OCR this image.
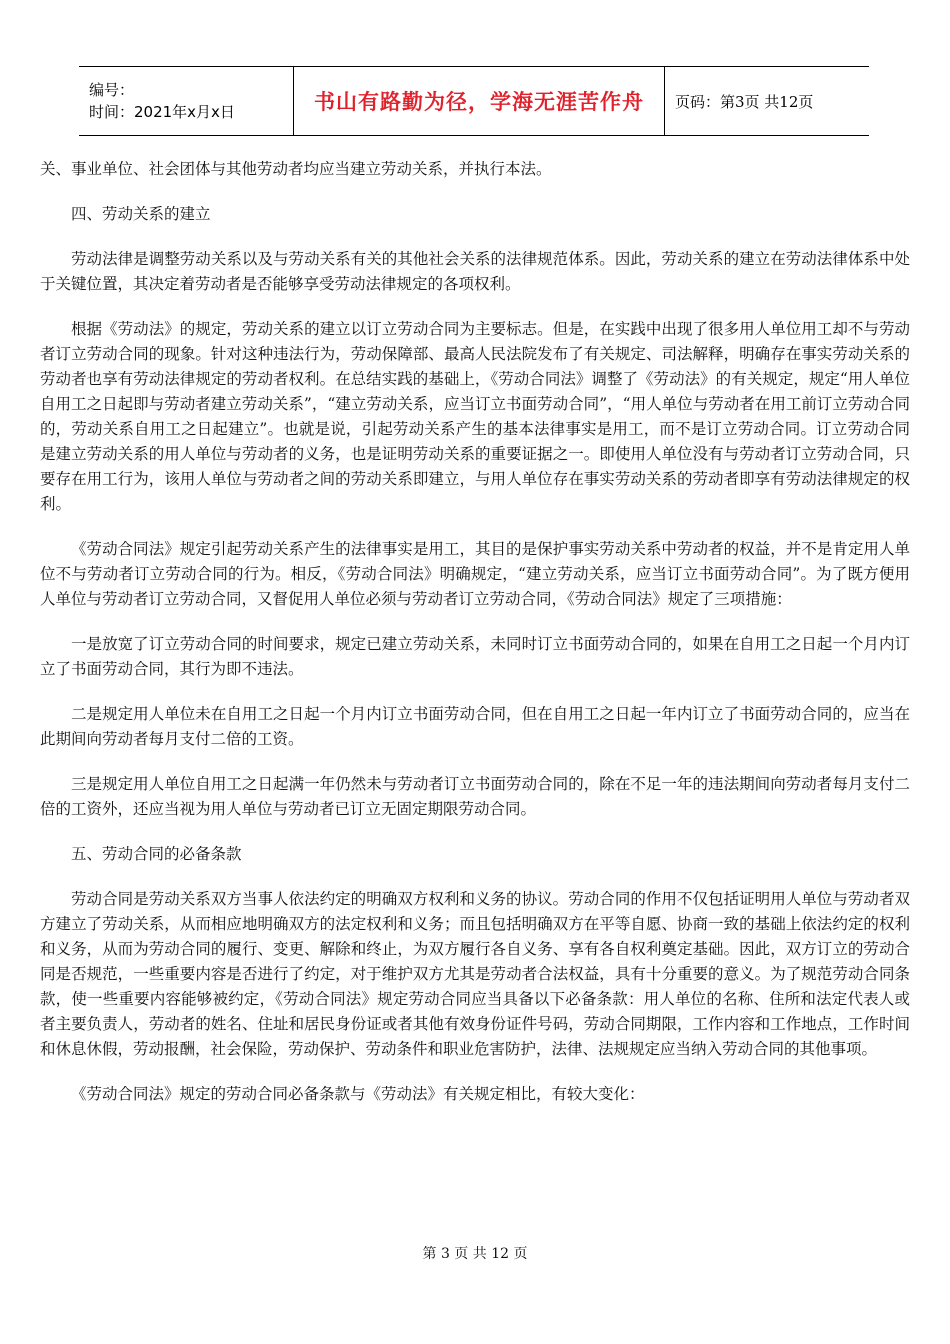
编号：
时间：2021年x月x日	书山有路勤为径，学海无涯苦作舟	页码：第3页 共12页

关、事业单位、社会团体与其他劳动者均应当建立劳动关系，并执行本法。

四、劳动关系的建立

劳动法律是调整劳动关系以及与劳动关系有关的其他社会关系的法律规范体系。因此，劳动关系的建立在劳动法律体系中处于关键位置，其决定着劳动者是否能够享受劳动法律规定的各项权利。

根据《劳动法》的规定，劳动关系的建立以订立劳动合同为主要标志。但是，在实践中出现了很多用人单位用工却不与劳动者订立劳动合同的现象。针对这种违法行为，劳动保障部、最高人民法院发布了有关规定、司法解释，明确存在事实劳动关系的劳动者也享有劳动法律规定的劳动者权利。在总结实践的基础上，《劳动合同法》调整了《劳动法》的有关规定，规定“用人单位自用工之日起即与劳动者建立劳动关系”，“建立劳动关系，应当订立书面劳动合同”，“用人单位与劳动者在用工前订立劳动合同的，劳动关系自用工之日起建立”。也就是说，引起劳动关系产生的基本法律事实是用工，而不是订立劳动合同。订立劳动合同是建立劳动关系的用人单位与劳动者的义务，也是证明劳动关系的重要证据之一。即使用人单位没有与劳动者订立劳动合同，只要存在用工行为，该用人单位与劳动者之间的劳动关系即建立，与用人单位存在事实劳动关系的劳动者即享有劳动法律规定的权利。

《劳动合同法》规定引起劳动关系产生的法律事实是用工，其目的是保护事实劳动关系中劳动者的权益，并不是肯定用人单位不与劳动者订立劳动合同的行为。相反，《劳动合同法》明确规定，“建立劳动关系，应当订立书面劳动合同”。为了既方便用人单位与劳动者订立劳动合同，又督促用人单位必须与劳动者订立劳动合同，《劳动合同法》规定了三项措施：

一是放宽了订立劳动合同的时间要求，规定已建立劳动关系，未同时订立书面劳动合同的，如果在自用工之日起一个月内订立了书面劳动合同，其行为即不违法。

二是规定用人单位未在自用工之日起一个月内订立书面劳动合同，但在自用工之日起一年内订立了书面劳动合同的，应当在此期间向劳动者每月支付二倍的工资。

三是规定用人单位自用工之日起满一年仍然未与劳动者订立书面劳动合同的，除在不足一年的违法期间向劳动者每月支付二倍的工资外，还应当视为用人单位与劳动者已订立无固定期限劳动合同。

五、劳动合同的必备条款

劳动合同是劳动关系双方当事人依法约定的明确双方权利和义务的协议。劳动合同的作用不仅包括证明用人单位与劳动者双方建立了劳动关系，从而相应地明确双方的法定权利和义务；而且包括明确双方在平等自愿、协商一致的基础上依法约定的权利和义务，从而为劳动合同的履行、变更、解除和终止，为双方履行各自义务、享有各自权利奠定基础。因此，双方订立的劳动合同是否规范，一些重要内容是否进行了约定，对于维护双方尤其是劳动者合法权益，具有十分重要的意义。为了规范劳动合同条款，使一些重要内容能够被约定，《劳动合同法》规定劳动合同应当具备以下必备条款：用人单位的名称、住所和法定代表人或者主要负责人，劳动者的姓名、住址和居民身份证或者其他有效身份证件号码，劳动合同期限，工作内容和工作地点，工作时间和休息休假，劳动报酬，社会保险，劳动保护、劳动条件和职业危害防护，法律、法规规定应当纳入劳动合同的其他事项。

《劳动合同法》规定的劳动合同必备条款与《劳动法》有关规定相比，有较大变化：

第 3 页 共 12 页
